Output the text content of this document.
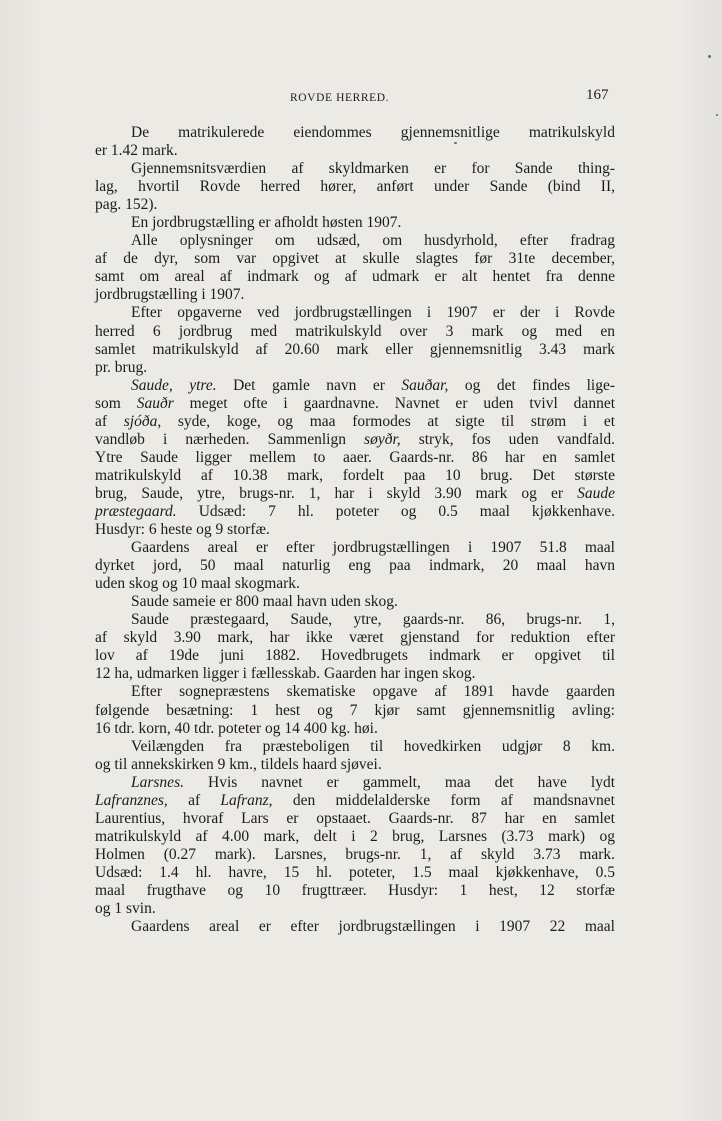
ROVDE HERRED.	167
De matrikulerede eiendommes gjennemsnitlige matrikulskyld
er 1.42 mark.
Gjennemsnitsværdien af skyldmarken er for Sande thing-
lag, hvortil Rovde herred hører, anført under Sande (bind II,
pag. 152).
En jordbrugstælling er afholdt høsten 1907.
Alle oplysninger om udsæd, om husdyrhold, efter fradrag
af de dyr, som var opgivet at skulle slagtes før 31te december,
samt om areal af indmark og af udmark er alt hentet fra denne
jordbrugstælling i 1907.
Efter opgaverne ved jordbrugstællingen i 1907 er der i Rovde
herred 6 jordbrug med matrikulskyld over 3 mark og med en
samlet matrikulskyld af 20.60 mark eller gjennemsnitlig 3.43 mark
pr. brug.
Saude, ytre. Det gamle navn er Sauðar, og det findes lige-
som Sauðr meget ofte i gaardnavne. Navnet er uden tvivl dannet
af sjóða, syde, koge, og maa formodes at sigte til strøm i et
vandløb i nærheden. Sammenlign søyðr, stryk, fos uden vandfald.
Ytre Saude ligger mellem to aaer. Gaards-nr. 86 har en samlet
matrikulskyld af 10.38 mark, fordelt paa 10 brug. Det største
brug, Saude, ytre, brugs-nr. 1, har i skyld 3.90 mark og er Saude
præstegaard. Udsæd: 7 hl. poteter og 0.5 maal kjøkkenhave.
Husdyr: 6 heste og 9 storfæ.
Gaardens areal er efter jordbrugstællingen i 1907 51.8 maal
dyrket jord, 50 maal naturlig eng paa indmark, 20 maal havn
uden skog og 10 maal skogmark.
Saude sameie er 800 maal havn uden skog.
Saude præstegaard, Saude, ytre, gaards-nr. 86, brugs-nr. 1,
af skyld 3.90 mark, har ikke været gjenstand for reduktion efter
lov af 19de juni 1882. Hovedbrugets indmark er opgivet til
12 ha, udmarken ligger i fællesskab. Gaarden har ingen skog.
Efter sognepræstens skematiske opgave af 1891 havde gaarden
følgende besætning: 1 hest og 7 kjør samt gjennemsnitlig avling:
16 tdr. korn, 40 tdr. poteter og 14 400 kg. høi.
Veilængden fra præsteboligen til hovedkirken udgjør 8 km.
og til annekskirken 9 km., tildels haard sjøvei.
Larsnes. Hvis navnet er gammelt, maa det have lydt
Lafranznes, af Lafranz, den middelalderske form af mandsnavnet
Laurentius, hvoraf Lars er opstaaet. Gaards-nr. 87 har en samlet
matrikulskyld af 4.00 mark, delt i 2 brug, Larsnes (3.73 mark) og
Holmen (0.27 mark). Larsnes, brugs-nr. 1, af skyld 3.73 mark.
Udsæd: 1.4 hl. havre, 15 hl. poteter, 1.5 maal kjøkkenhave, 0.5
maal frugthave og 10 frugttræer. Husdyr: 1 hest, 12 storfæ
og 1 svin.
Gaardens areal er efter jordbrugstællingen i 1907 22 maal
